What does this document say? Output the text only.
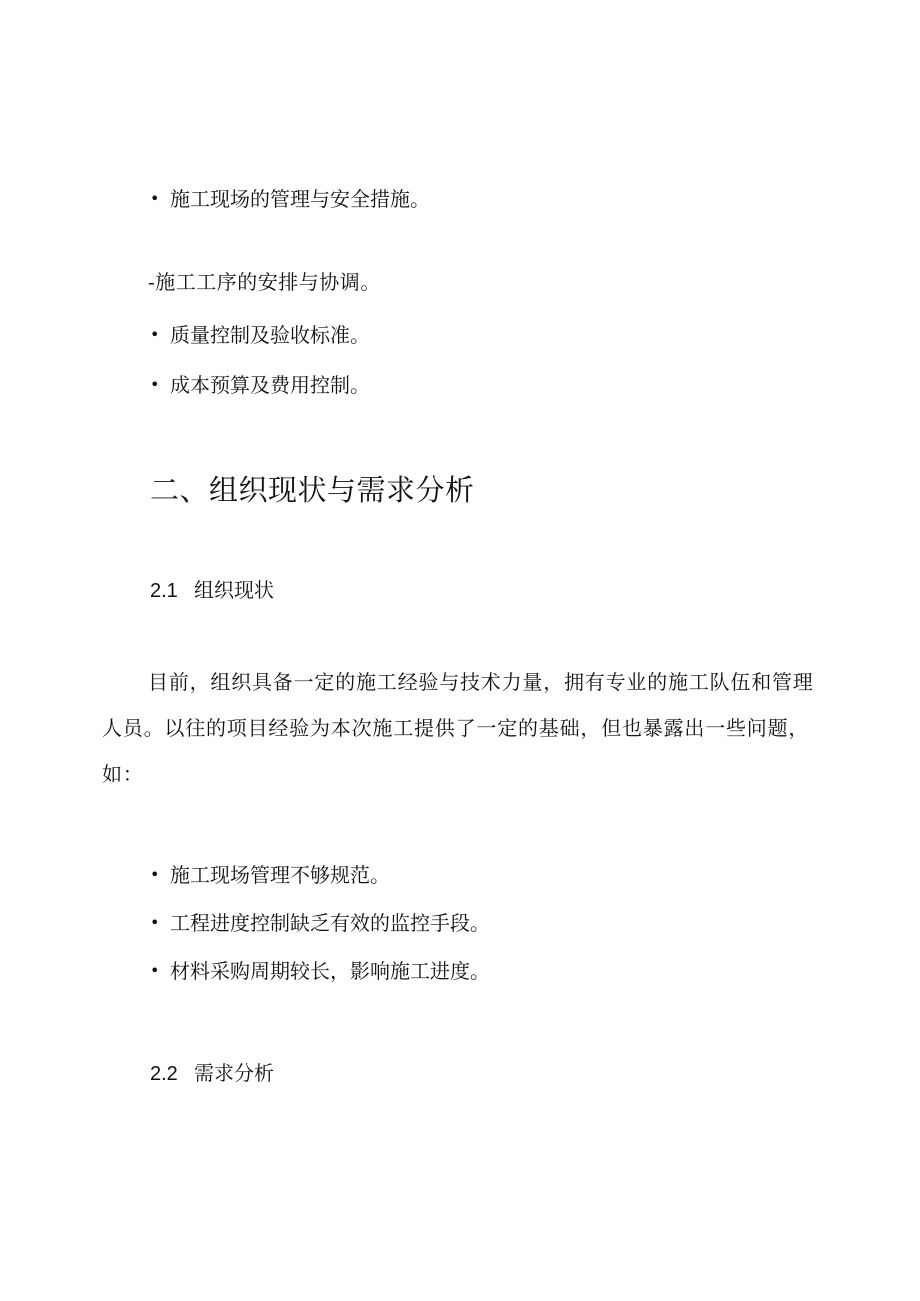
• 施工现场的管理与安全措施。
-施工工序的安排与协调。
• 质量控制及验收标准。
• 成本预算及费用控制。
二、组织现状与需求分析
2.1 组织现状
目前，组织具备一定的施工经验与技术力量，拥有专业的施工队伍和管理人员。以往的项目经验为本次施工提供了一定的基础，但也暴露出一些问题，如：
• 施工现场管理不够规范。
• 工程进度控制缺乏有效的监控手段。
• 材料采购周期较长，影响施工进度。
2.2 需求分析
